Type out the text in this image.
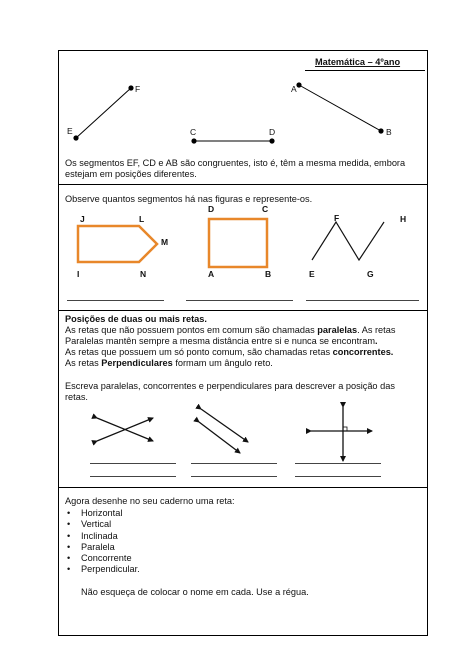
Matemática – 4ºano
E
F
C	D
A
B
Os segmentos EF, CD e AB são congruentes, isto é, têm a mesma medida, embora
estejam em posições diferentes.
Observe quantos segmentos há nas figuras e represente-os.
J	L
M
I	N
D	C
A	B
F	H
E	G
Posições de duas ou mais retas.
As retas que não possuem pontos em comum são chamadas paralelas. As retas
Paralelas mantên sempre a mesma distância entre si e nunca se encontram.
As retas que possuem um só ponto comum, são chamadas retas concorrentes.
As retas Perpendiculares formam um ângulo reto.
Escreva paralelas, concorrentes e perpendiculares para descrever a posição das
retas.
Agora desenhe no seu caderno uma reta:
• Horizontal
• Vertical
• Inclinada
• Paralela
• Concorrente
• Perpendicular.
Não esqueça de colocar o nome em cada. Use a régua.
